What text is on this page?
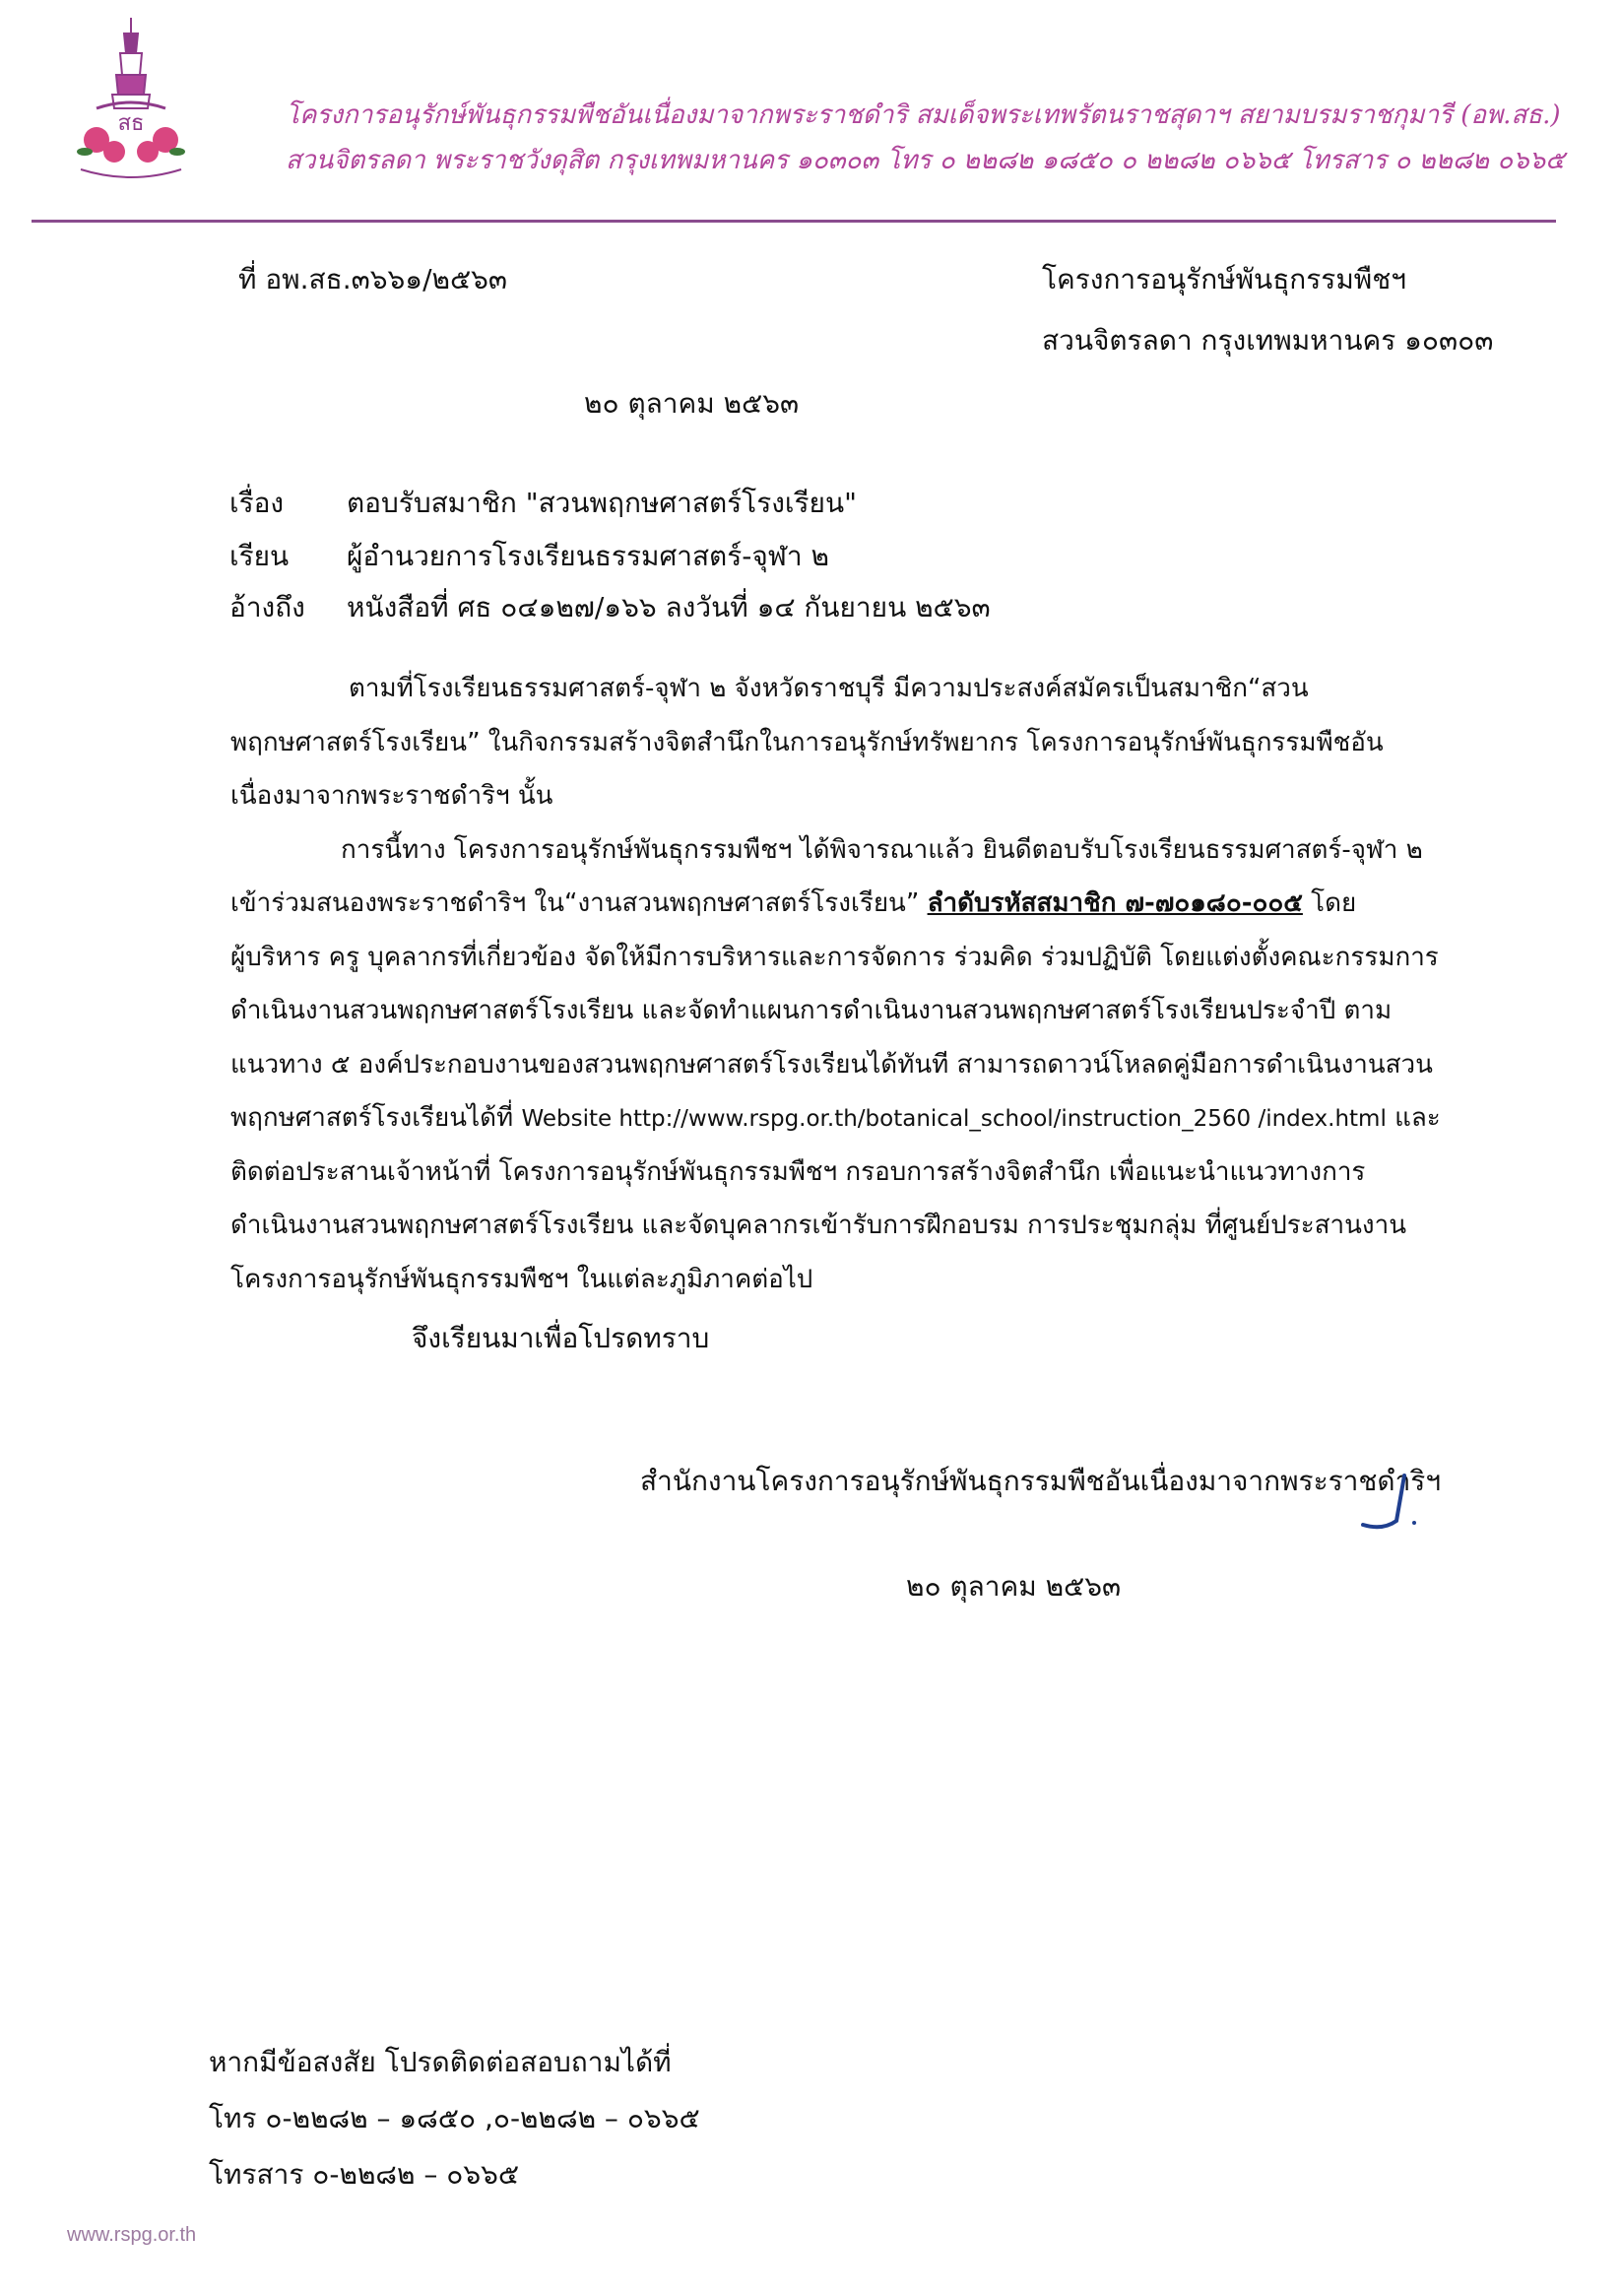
สธ	โครงการอนุรักษ์พันธุกรรมพืชอันเนื่องมาจากพระราชดำริ สมเด็จพระเทพรัตนราชสุดาฯ สยามบรมราชกุมารี (อพ.สธ.)
สวนจิตรลดา พระราชวังดุสิต กรุงเทพมหานคร ๑๐๓๐๓ โทร ๐ ๒๒๘๒ ๑๘๕๐ ๐ ๒๒๘๒ ๐๖๖๕ โทรสาร ๐ ๒๒๘๒ ๐๖๖๕
ที่ อพ.สธ.๓๖๖๑/๒๕๖๓	โครงการอนุรักษ์พันธุกรรมพืชฯ
สวนจิตรลดา กรุงเทพมหานคร ๑๐๓๐๓
๒๐ ตุลาคม ๒๕๖๓
เรื่อง ตอบรับสมาชิก "สวนพฤกษศาสตร์โรงเรียน"
เรียน ผู้อำนวยการโรงเรียนธรรมศาสตร์-จุฬา ๒
อ้างถึง หนังสือที่ ศธ ๐๔๑๒๗/๑๖๖ ลงวันที่ ๑๔ กันยายน ๒๕๖๓
ตามที่โรงเรียนธรรมศาสตร์-จุฬา ๒ จังหวัดราชบุรี มีความประสงค์สมัครเป็นสมาชิก“สวน
พฤกษศาสตร์โรงเรียน” ในกิจกรรมสร้างจิตสำนึกในการอนุรักษ์ทรัพยากร โครงการอนุรักษ์พันธุกรรมพืชอัน
เนื่องมาจากพระราชดำริฯ นั้น
การนี้ทาง โครงการอนุรักษ์พันธุกรรมพืชฯ ได้พิจารณาแล้ว ยินดีตอบรับโรงเรียนธรรมศาสตร์-จุฬา ๒
เข้าร่วมสนองพระราชดำริฯ ใน“งานสวนพฤกษศาสตร์โรงเรียน” ลำดับรหัสสมาชิก ๗-๗๐๑๘๐-๐๐๕ โดย
ผู้บริหาร ครู บุคลากรที่เกี่ยวข้อง จัดให้มีการบริหารและการจัดการ ร่วมคิด ร่วมปฏิบัติ โดยแต่งตั้งคณะกรรมการ
ดำเนินงานสวนพฤกษศาสตร์โรงเรียน และจัดทำแผนการดำเนินงานสวนพฤกษศาสตร์โรงเรียนประจำปี ตาม
แนวทาง ๕ องค์ประกอบงานของสวนพฤกษศาสตร์โรงเรียนได้ทันที สามารถดาวน์โหลดคู่มือการดำเนินงานสวน
พฤกษศาสตร์โรงเรียนได้ที่ Website http://www.rspg.or.th/botanical_school/instruction_2560 /index.html และ
ติดต่อประสานเจ้าหน้าที่ โครงการอนุรักษ์พันธุกรรมพืชฯ กรอบการสร้างจิตสำนึก เพื่อแนะนำแนวทางการ
ดำเนินงานสวนพฤกษศาสตร์โรงเรียน และจัดบุคลากรเข้ารับการฝึกอบรม การประชุมกลุ่ม ที่ศูนย์ประสานงาน
โครงการอนุรักษ์พันธุกรรมพืชฯ ในแต่ละภูมิภาคต่อไป
จึงเรียนมาเพื่อโปรดทราบ
สำนักงานโครงการอนุรักษ์พันธุกรรมพืชอันเนื่องมาจากพระราชดำริฯ
๒๐ ตุลาคม ๒๕๖๓
หากมีข้อสงสัย โปรดติดต่อสอบถามได้ที่
โทร ๐-๒๒๘๒ – ๑๘๕๐ ,๐-๒๒๘๒ – ๐๖๖๕
โทรสาร ๐-๒๒๘๒ – ๐๖๖๕
www.rspg.or.th
